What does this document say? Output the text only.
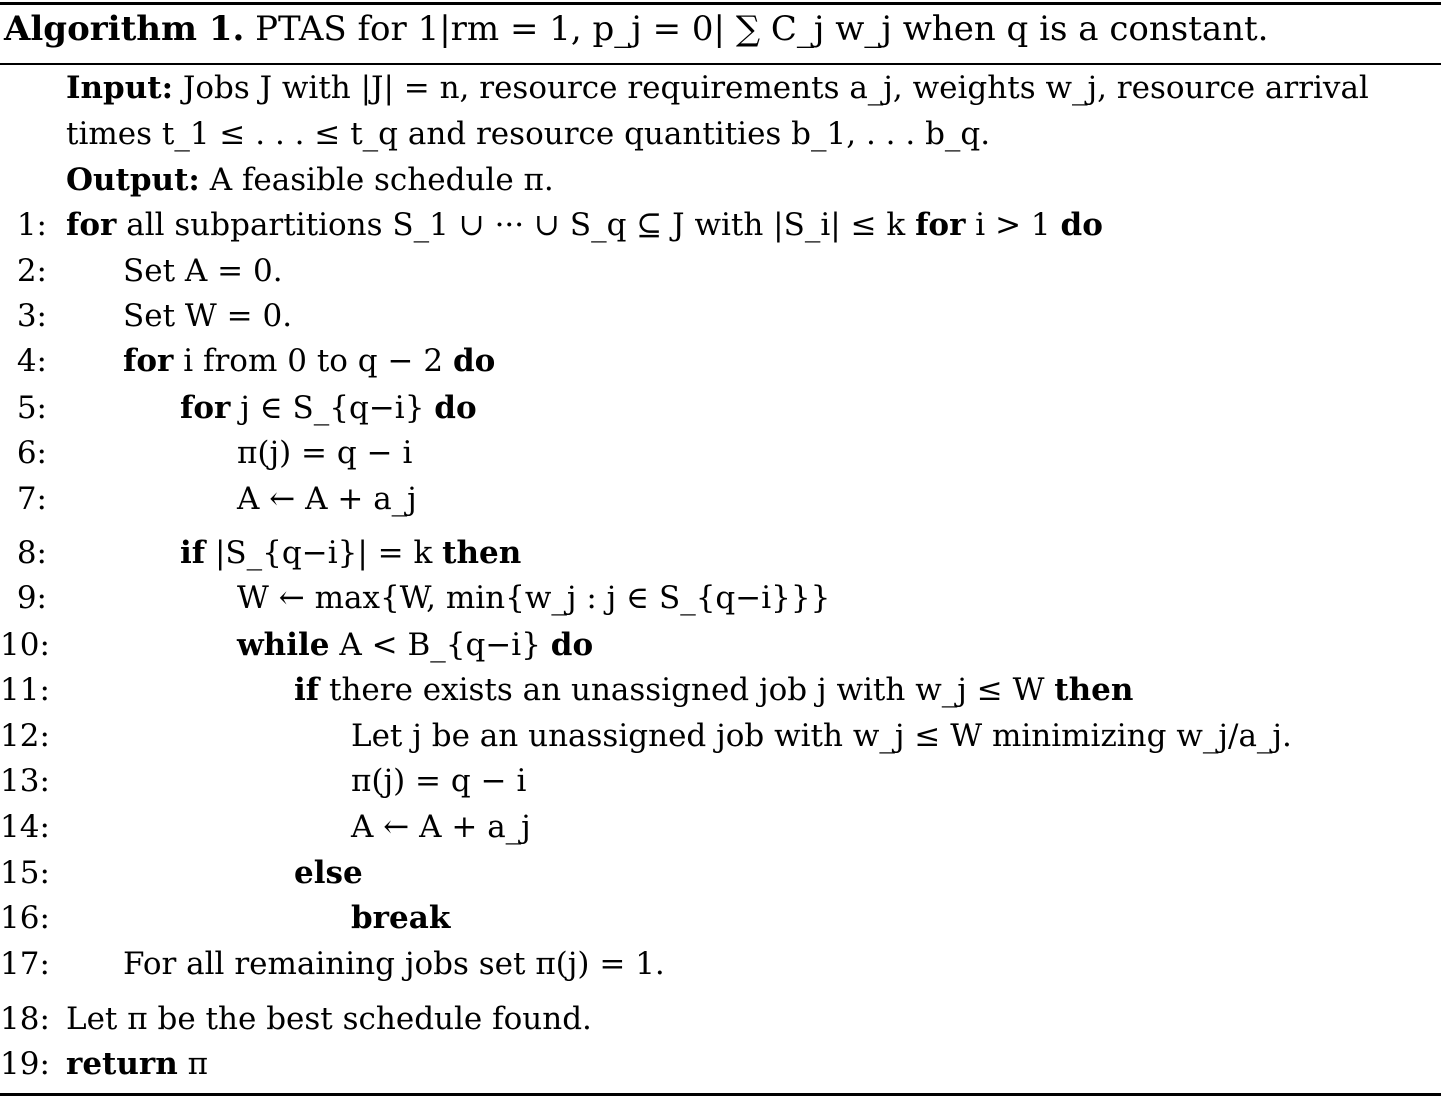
Algorithm 1. PTAS for 1|rm = 1, p_j = 0| ∑ C_j w_j when q is a constant.
Input: Jobs J with |J| = n, resource requirements a_j, weights w_j, resource arrival
times t_1 ≤ . . . ≤ t_q and resource quantities b_1, . . . b_q.
Output: A feasible schedule π.
1: for all subpartitions S_1 ∪ ··· ∪ S_q ⊆ J with |S_i| ≤ k for i > 1 do
2: Set A = 0.
3: Set W = 0.
4: for i from 0 to q − 2 do
5:	for j ∈ S_{q−i} do
6:	π(j) = q − i
7:	A ← A + a_j
8:	if |S_{q−i}| = k then
9:	W ← max{W, min{w_j : j ∈ S_{q−i}}}
10:	while A < B_{q−i} do
11:	if there exists an unassigned job j with w_j ≤ W then
12:	Let j be an unassigned job with w_j ≤ W minimizing w_j/a_j.
13:	π(j) = q − i
14:	A ← A + a_j
15:	else
16:	break
17: For all remaining jobs set π(j) = 1.
18: Let π be the best schedule found.
19: return π
